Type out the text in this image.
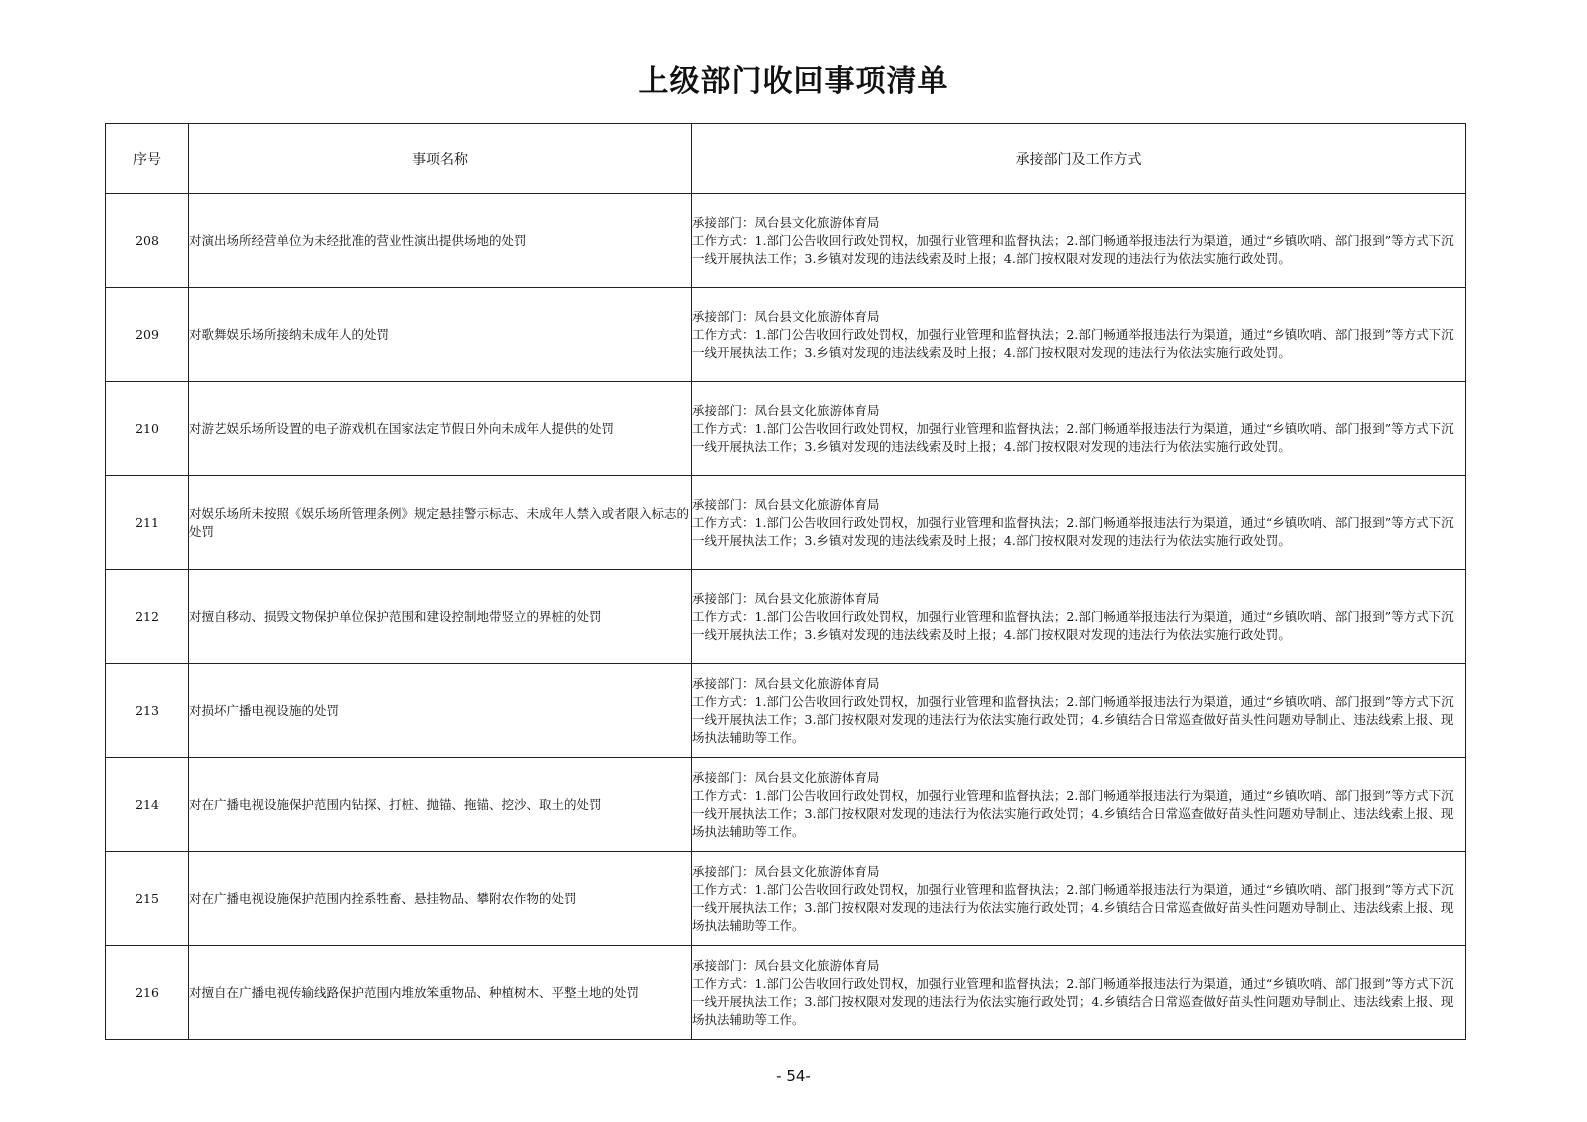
上级部门收回事项清单
序号	事项名称	承接部门及工作方式
208	对演出场所经营单位为未经批准的营业性演出提供场地的处罚	承接部门：凤台县文化旅游体育局
工作方式：1.部门公告收回行政处罚权，加强行业管理和监督执法；2.部门畅通举报违法行为渠道，通过“乡镇吹哨、部门报到”等方式下沉一线开展执法工作；3.乡镇对发现的违法线索及时上报；4.部门按权限对发现的违法行为依法实施行政处罚。

209	对歌舞娱乐场所接纳未成年人的处罚	承接部门：凤台县文化旅游体育局
工作方式：1.部门公告收回行政处罚权，加强行业管理和监督执法；2.部门畅通举报违法行为渠道，通过“乡镇吹哨、部门报到”等方式下沉一线开展执法工作；3.乡镇对发现的违法线索及时上报；4.部门按权限对发现的违法行为依法实施行政处罚。

210	对游艺娱乐场所设置的电子游戏机在国家法定节假日外向未成年人提供的处罚	承接部门：凤台县文化旅游体育局
工作方式：1.部门公告收回行政处罚权，加强行业管理和监督执法；2.部门畅通举报违法行为渠道，通过“乡镇吹哨、部门报到”等方式下沉一线开展执法工作；3.乡镇对发现的违法线索及时上报；4.部门按权限对发现的违法行为依法实施行政处罚。

211	对娱乐场所未按照《娱乐场所管理条例》规定悬挂警示标志、未成年人禁入或者限入标志的处罚	承接部门：凤台县文化旅游体育局
工作方式：1.部门公告收回行政处罚权，加强行业管理和监督执法；2.部门畅通举报违法行为渠道，通过“乡镇吹哨、部门报到”等方式下沉一线开展执法工作；3.乡镇对发现的违法线索及时上报；4.部门按权限对发现的违法行为依法实施行政处罚。

212	对擅自移动、损毁文物保护单位保护范围和建设控制地带竖立的界桩的处罚	承接部门：凤台县文化旅游体育局
工作方式：1.部门公告收回行政处罚权，加强行业管理和监督执法；2.部门畅通举报违法行为渠道，通过“乡镇吹哨、部门报到”等方式下沉一线开展执法工作；3.乡镇对发现的违法线索及时上报；4.部门按权限对发现的违法行为依法实施行政处罚。

213	对损坏广播电视设施的处罚	承接部门：凤台县文化旅游体育局
工作方式：1.部门公告收回行政处罚权，加强行业管理和监督执法；2.部门畅通举报违法行为渠道，通过“乡镇吹哨、部门报到”等方式下沉一线开展执法工作；3.部门按权限对发现的违法行为依法实施行政处罚；4.乡镇结合日常巡查做好苗头性问题劝导制止、违法线索上报、现场执法辅助等工作。

214	对在广播电视设施保护范围内钻探、打桩、抛锚、拖锚、挖沙、取土的处罚	承接部门：凤台县文化旅游体育局
工作方式：1.部门公告收回行政处罚权，加强行业管理和监督执法；2.部门畅通举报违法行为渠道，通过“乡镇吹哨、部门报到”等方式下沉一线开展执法工作；3.部门按权限对发现的违法行为依法实施行政处罚；4.乡镇结合日常巡查做好苗头性问题劝导制止、违法线索上报、现场执法辅助等工作。

215	对在广播电视设施保护范围内拴系牲畜、悬挂物品、攀附农作物的处罚	承接部门：凤台县文化旅游体育局
工作方式：1.部门公告收回行政处罚权，加强行业管理和监督执法；2.部门畅通举报违法行为渠道，通过“乡镇吹哨、部门报到”等方式下沉一线开展执法工作；3.部门按权限对发现的违法行为依法实施行政处罚；4.乡镇结合日常巡查做好苗头性问题劝导制止、违法线索上报、现场执法辅助等工作。

216	对擅自在广播电视传输线路保护范围内堆放笨重物品、种植树木、平整土地的处罚	承接部门：凤台县文化旅游体育局
工作方式：1.部门公告收回行政处罚权，加强行业管理和监督执法；2.部门畅通举报违法行为渠道，通过“乡镇吹哨、部门报到”等方式下沉一线开展执法工作；3.部门按权限对发现的违法行为依法实施行政处罚；4.乡镇结合日常巡查做好苗头性问题劝导制止、违法线索上报、现场执法辅助等工作。
- 54-
